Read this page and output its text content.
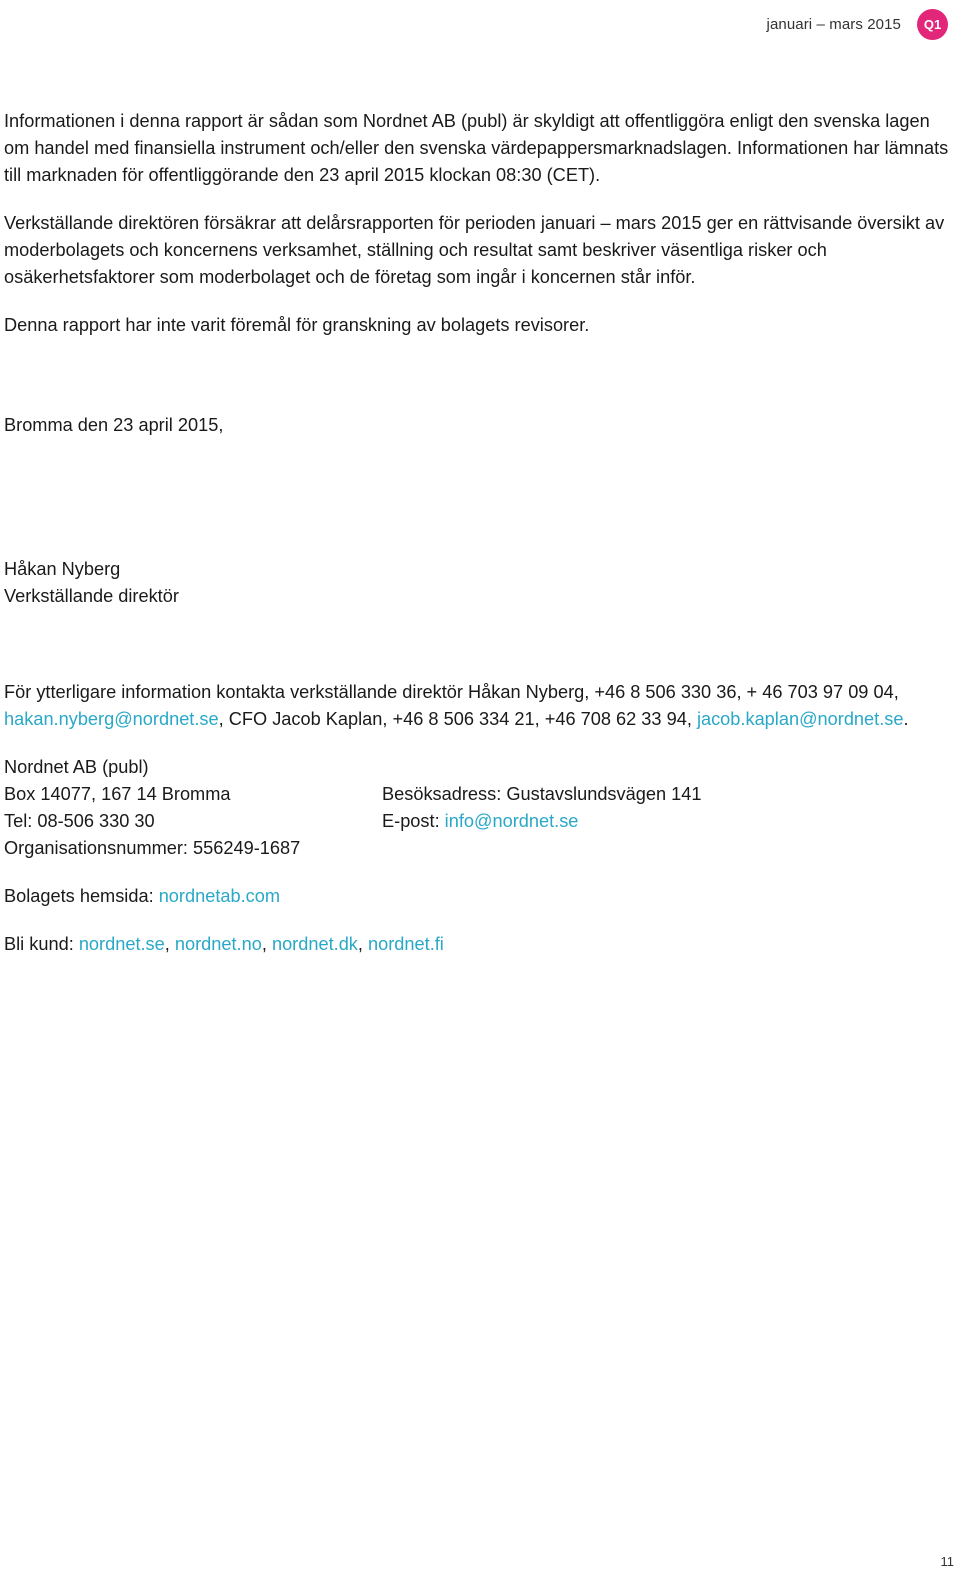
januari – mars 2015	Q1

Informationen i denna rapport är sådan som Nordnet AB (publ) är skyldigt att offentliggöra enligt den svenska lagen om handel med finansiella instrument och/eller den svenska värdepappersmarknadslagen. Informationen har lämnats till marknaden för offentliggörande den 23 april 2015 klockan 08:30 (CET).

Verkställande direktören försäkrar att delårsrapporten för perioden januari – mars 2015 ger en rättvisande översikt av moderbolagets och koncernens verksamhet, ställning och resultat samt beskriver väsentliga risker och osäkerhetsfaktorer som moderbolaget och de företag som ingår i koncernen står inför.

Denna rapport har inte varit föremål för granskning av bolagets revisorer.

Bromma den 23 april 2015,

Håkan Nyberg

Verkställande direktör

För ytterligare information kontakta verkställande direktör Håkan Nyberg, +46 8 506 330 36, + 46 703 97 09 04, hakan.nyberg@nordnet.se, CFO Jacob Kaplan, +46 8 506 334 21, +46 708 62 33 94, jacob.kaplan@nordnet.se.

Nordnet AB (publ)

Box 14077, 167 14 Bromma	Besöksadress: Gustavslundsvägen 141
Tel: 08-506 330 30	E-post: info@nordnet.se

Organisationsnummer: 556249-1687

Bolagets hemsida: nordnetab.com

Bli kund: nordnet.se, nordnet.no, nordnet.dk, nordnet.fi

11
